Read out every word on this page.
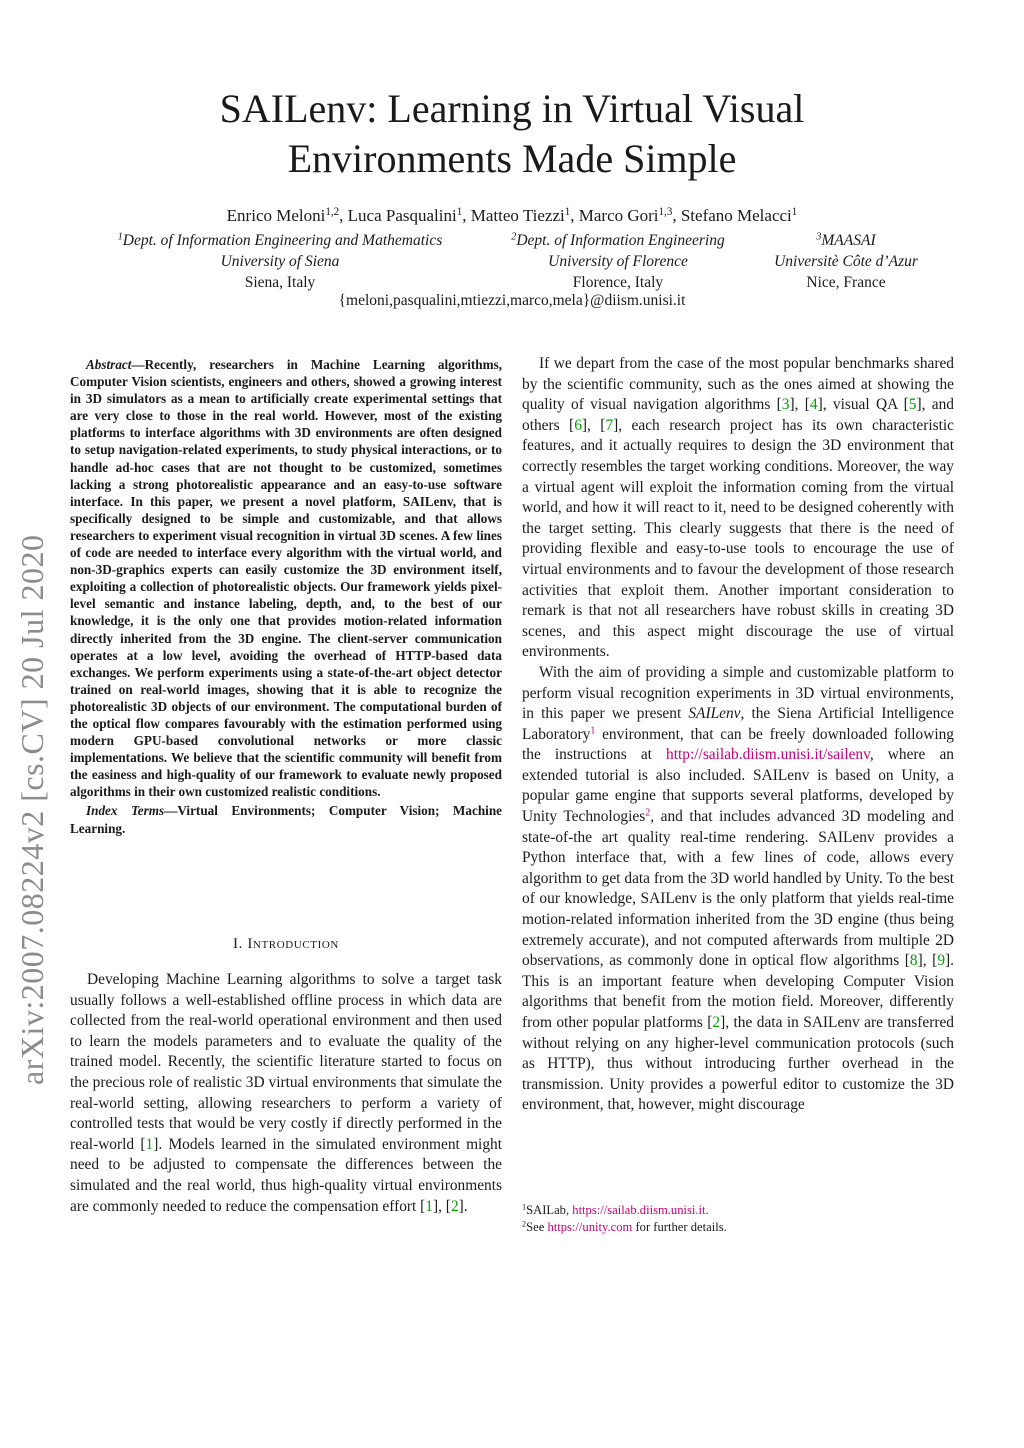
arXiv:2007.08224v2 [cs.CV] 20 Jul 2020
SAILenv: Learning in Virtual Visual
Environments Made Simple
Enrico Meloni$^{1,2}$, Luca Pasqualini$^1$, Matteo Tiezzi$^1$, Marco Gori$^{1,3}$, Stefano Melacci$^1$
$^1$Dept. of Information Engineering and Mathematics
University of Siena
Siena, Italy
$^2$Dept. of Information Engineering
University of Florence
Florence, Italy
$^3$MAASAI
Universitè Côte d’Azur
Nice, France
{meloni,pasqualini,mtiezzi,marco,mela}@diism.unisi.it

Abstract—Recently, researchers in Machine Learning algorithms, Computer Vision scientists, engineers and others, showed a growing interest in 3D simulators as a mean to artificially create experimental settings that are very close to those in the real world. However, most of the existing platforms to interface algorithms with 3D environments are often designed to setup navigation-related experiments, to study physical interactions, or to handle ad-hoc cases that are not thought to be customized, sometimes lacking a strong photorealistic appearance and an easy-to-use software interface. In this paper, we present a novel platform, SAILenv, that is specifically designed to be simple and customizable, and that allows researchers to experiment visual recognition in virtual 3D scenes. A few lines of code are needed to interface every algorithm with the virtual world, and non-3D-graphics experts can easily customize the 3D environment itself, exploiting a collection of photorealistic objects. Our framework yields pixel-level semantic and instance labeling, depth, and, to the best of our knowledge, it is the only one that provides motion-related information directly inherited from the 3D engine. The client-server communication operates at a low level, avoiding the overhead of HTTP-based data exchanges. We perform experiments using a state-of-the-art object detector trained on real-world images, showing that it is able to recognize the photorealistic 3D objects of our environment. The computational burden of the optical flow compares favourably with the estimation performed using modern GPU-based convolutional networks or more classic implementations. We believe that the scientific community will benefit from the easiness and high-quality of our framework to evaluate newly proposed algorithms in their own customized realistic conditions.

Index Terms—Virtual Environments; Computer Vision; Machine Learning.

I. Introduction

Developing Machine Learning algorithms to solve a target task usually follows a well-established offline process in which data are collected from the real-world operational environment and then used to learn the models parameters and to evaluate the quality of the trained model. Recently, the scientific literature started to focus on the precious role of realistic 3D virtual environments that simulate the real-world setting, allowing researchers to perform a variety of controlled tests that would be very costly if directly performed in the real-world [1]. Models learned in the simulated environment might need to be adjusted to compensate the differences between the simulated and the real world, thus high-quality virtual environments are commonly needed to reduce the compensation effort [1], [2].

If we depart from the case of the most popular benchmarks shared by the scientific community, such as the ones aimed at showing the quality of visual navigation algorithms [3], [4], visual QA [5], and others [6], [7], each research project has its own characteristic features, and it actually requires to design the 3D environment that correctly resembles the target working conditions. Moreover, the way a virtual agent will exploit the information coming from the virtual world, and how it will react to it, need to be designed coherently with the target setting. This clearly suggests that there is the need of providing flexible and easy-to-use tools to encourage the use of virtual environments and to favour the development of those research activities that exploit them. Another important consideration to remark is that not all researchers have robust skills in creating 3D scenes, and this aspect might discourage the use of virtual environments.

With the aim of providing a simple and customizable platform to perform visual recognition experiments in 3D virtual environments, in this paper we present SAILenv, the Siena Artificial Intelligence Laboratory$^1$ environment, that can be freely downloaded following the instructions at http://sailab.diism.unisi.it/sailenv, where an extended tutorial is also included. SAILenv is based on Unity, a popular game engine that supports several platforms, developed by Unity Technologies$^2$, and that includes advanced 3D modeling and state-of-the art quality real-time rendering. SAILenv provides a Python interface that, with a few lines of code, allows every algorithm to get data from the 3D world handled by Unity. To the best of our knowledge, SAILenv is the only platform that yields real-time motion-related information inherited from the 3D engine (thus being extremely accurate), and not computed afterwards from multiple 2D observations, as commonly done in optical flow algorithms [8], [9]. This is an important feature when developing Computer Vision algorithms that benefit from the motion field. Moreover, differently from other popular platforms [2], the data in SAILenv are transferred without relying on any higher-level communication protocols (such as HTTP), thus without introducing further overhead in the transmission. Unity provides a powerful editor to customize the 3D environment, that, however, might discourage

$^1$SAILab, https://sailab.diism.unisi.it.
$^2$See https://unity.com for further details.
